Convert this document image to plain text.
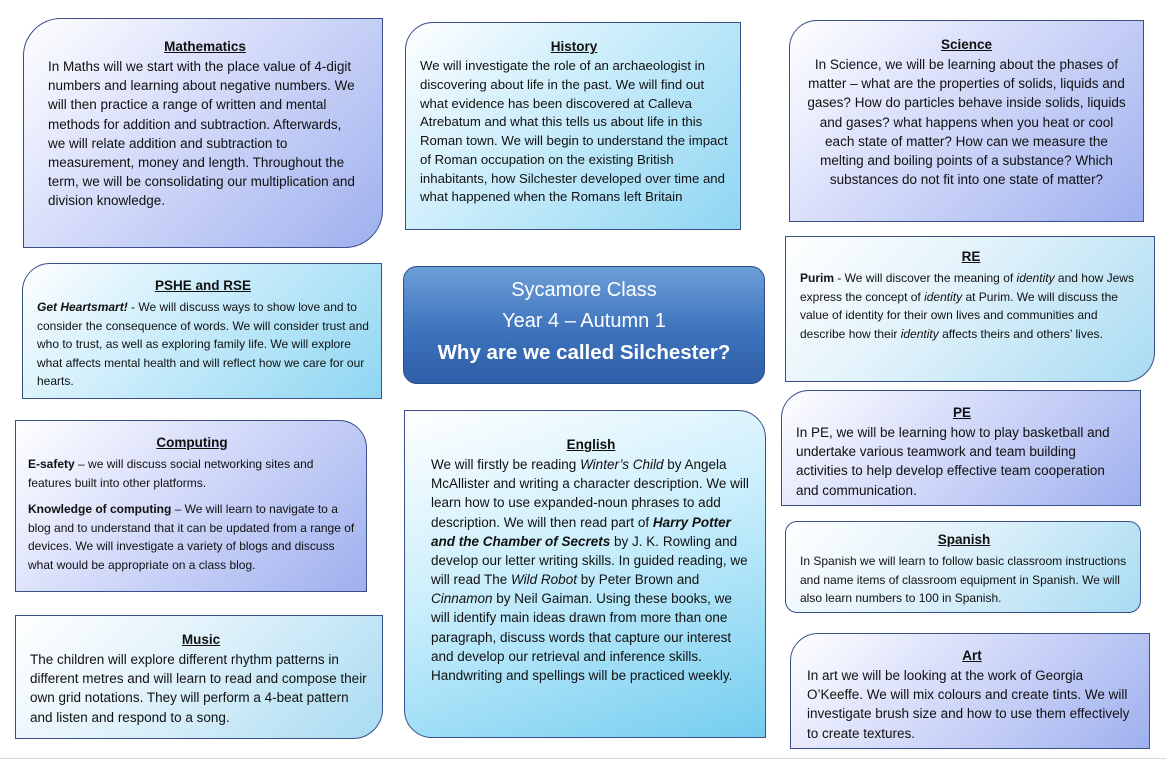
Mathematics

In Maths will we start with the place value of 4-digit numbers and learning about negative numbers. We will then practice a range of written and mental methods for addition and subtraction. Afterwards, we will relate addition and subtraction to measurement, money and length. Throughout the term, we will be consolidating our multiplication and division knowledge.

History

We will investigate the role of an archaeologist in discovering about life in the past. We will find out what evidence has been discovered at Calleva Atrebatum and what this tells us about life in this Roman town. We will begin to understand the impact of Roman occupation on the existing British inhabitants, how Silchester developed over time and what happened when the Romans left Britain

Science

In Science, we will be learning about the phases of matter – what are the properties of solids, liquids and gases? How do particles behave inside solids, liquids and gases? what happens when you heat or cool each state of matter? How can we measure the melting and boiling points of a substance? Which substances do not fit into one state of matter?

PSHE and RSE

Get Heartsmart! - We will discuss ways to show love and to consider the consequence of words. We will consider trust and who to trust, as well as exploring family life. We will explore what affects mental health and will reflect how we care for our hearts.

Sycamore Class
Year 4 – Autumn 1
Why are we called Silchester?
RE

Purim - We will discover the meaning of identity and how Jews express the concept of identity at Purim. We will discuss the value of identity for their own lives and communities and describe how their identity affects theirs and others’ lives.

Computing

E-safety – we will discuss social networking sites and features built into other platforms.

Knowledge of computing – We will learn to navigate to a blog and to understand that it can be updated from a range of devices. We will investigate a variety of blogs and discuss what would be appropriate on a class blog.

PE

In PE, we will be learning how to play basketball and undertake various teamwork and team building activities to help develop effective team cooperation and communication.

English

We will firstly be reading Winter’s Child by Angela McAllister and writing a character description. We will learn how to use expanded-noun phrases to add description. We will then read part of Harry Potter and the Chamber of Secrets by J. K. Rowling and develop our letter writing skills. In guided reading, we will read The Wild Robot by Peter Brown and Cinnamon by Neil Gaiman. Using these books, we will identify main ideas drawn from more than one paragraph, discuss words that capture our interest and develop our retrieval and inference skills. Handwriting and spellings will be practiced weekly.

Spanish

In Spanish we will learn to follow basic classroom instructions and name items of classroom equipment in Spanish. We will also learn numbers to 100 in Spanish.

Music

The children will explore different rhythm patterns in different metres and will learn to read and compose their own grid notations. They will perform a 4-beat pattern and listen and respond to a song.

Art

In art we will be looking at the work of Georgia O’Keeffe. We will mix colours and create tints. We will investigate brush size and how to use them effectively to create textures.
